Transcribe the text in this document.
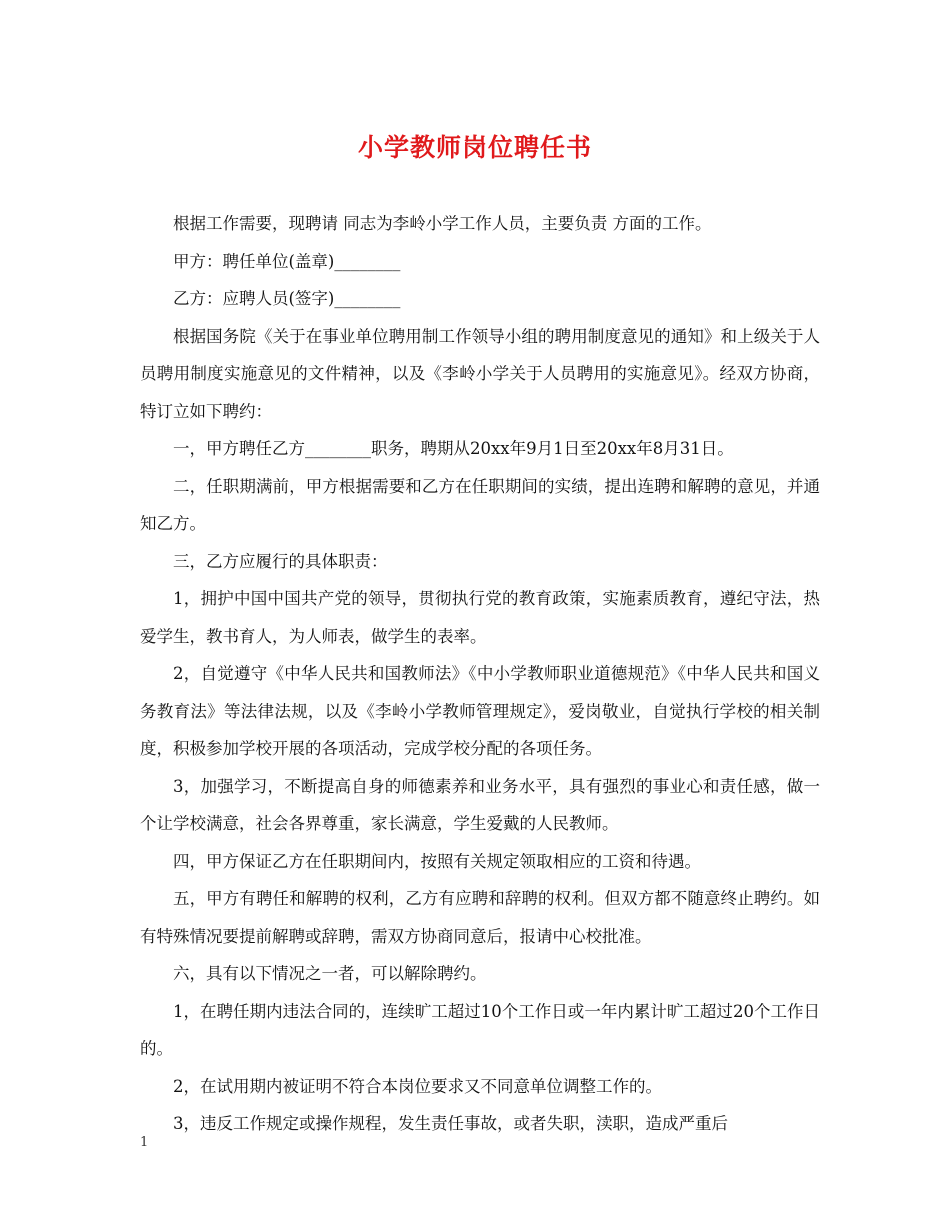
小学教师岗位聘任书

根据工作需要，现聘请 同志为李岭小学工作人员，主要负责 方面的工作。

甲方：聘任单位(盖章)________

乙方：应聘人员(签字)________

根据国务院《关于在事业单位聘用制工作领导小组的聘用制度意见的通知》和上级关于人员聘用制度实施意见的文件精神，以及《李岭小学关于人员聘用的实施意见》。经双方协商，特订立如下聘约：

一，甲方聘任乙方________职务，聘期从20xx年9月1日至20xx年8月31日。

二，任职期满前，甲方根据需要和乙方在任职期间的实绩，提出连聘和解聘的意见，并通知乙方。

三，乙方应履行的具体职责：

1，拥护中国中国共产党的领导，贯彻执行党的教育政策，实施素质教育，遵纪守法，热爱学生，教书育人，为人师表，做学生的表率。

2，自觉遵守《中华人民共和国教师法》《中小学教师职业道德规范》《中华人民共和国义务教育法》等法律法规，以及《李岭小学教师管理规定》，爱岗敬业，自觉执行学校的相关制度，积极参加学校开展的各项活动，完成学校分配的各项任务。

3，加强学习，不断提高自身的师德素养和业务水平，具有强烈的事业心和责任感，做一个让学校满意，社会各界尊重，家长满意，学生爱戴的人民教师。

四，甲方保证乙方在任职期间内，按照有关规定领取相应的工资和待遇。

五，甲方有聘任和解聘的权利，乙方有应聘和辞聘的权利。但双方都不随意终止聘约。如有特殊情况要提前解聘或辞聘，需双方协商同意后，报请中心校批准。

六，具有以下情况之一者，可以解除聘约。

1，在聘任期内违法合同的，连续旷工超过10个工作日或一年内累计旷工超过20个工作日的。

2，在试用期内被证明不符合本岗位要求又不同意单位调整工作的。

3，违反工作规定或操作规程，发生责任事故，或者失职，渎职，造成严重后

1
